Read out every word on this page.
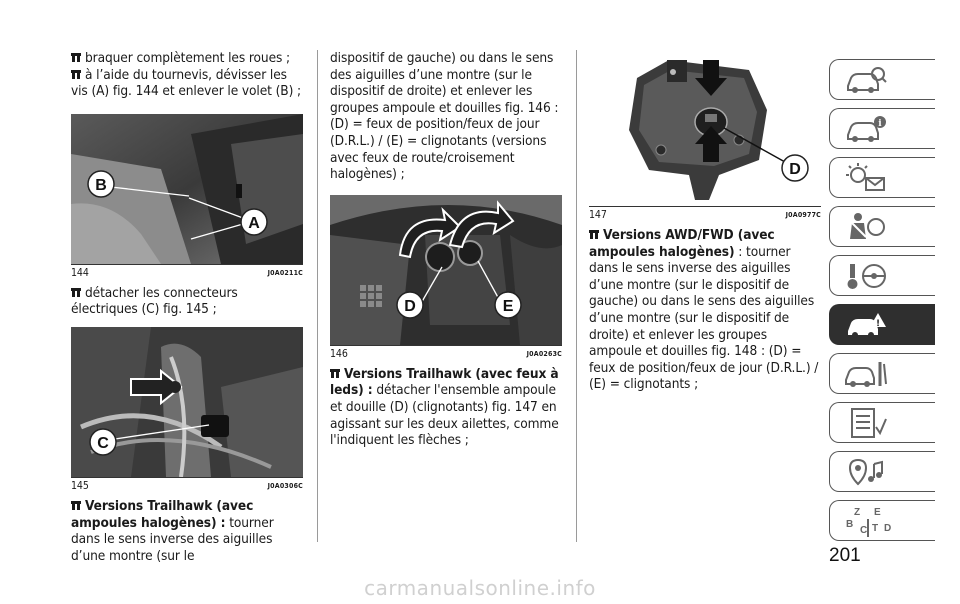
braquer complètement les roues ;

à l’aide du tournevis, dévisser les vis (A) fig. 144 et enlever le volet (B) ;

B
A
144	J0A0211C

détacher les connecteurs électriques (C) fig. 145 ;

C
145	J0A0306C

Versions Trailhawk (avec ampoules halogènes) : tourner dans le sens inverse des aiguilles d’une montre (sur le

dispositif de gauche) ou dans le sens des aiguilles d’une montre (sur le dispositif de droite) et enlever les groupes ampoule et douilles fig. 146 : (D) = feux de position/feux de jour (D.R.L.) / (E) = clignotants (versions avec feux de route/croisement halogènes) ;

D	E
146	J0A0263C

Versions Trailhawk (avec feux à leds) : détacher l'ensemble ampoule et douille (D) (clignotants) fig. 147 en agissant sur les deux ailettes, comme l'indiquent les flèches ;

D
147	J0A0977C

Versions AWD/FWD (avec ampoules halogènes) : tourner dans le sens inverse des aiguilles d’une montre (sur le dispositif de gauche) ou dans le sens des aiguilles d’une montre (sur le dispositif de droite) et enlever les groupes ampoule et douilles fig. 148 : (D) = feux de position/feux de jour (D.R.L.) / (E) = clignotants ;

i
!
Z E
B
C T D
201
carmanualsonline.info
